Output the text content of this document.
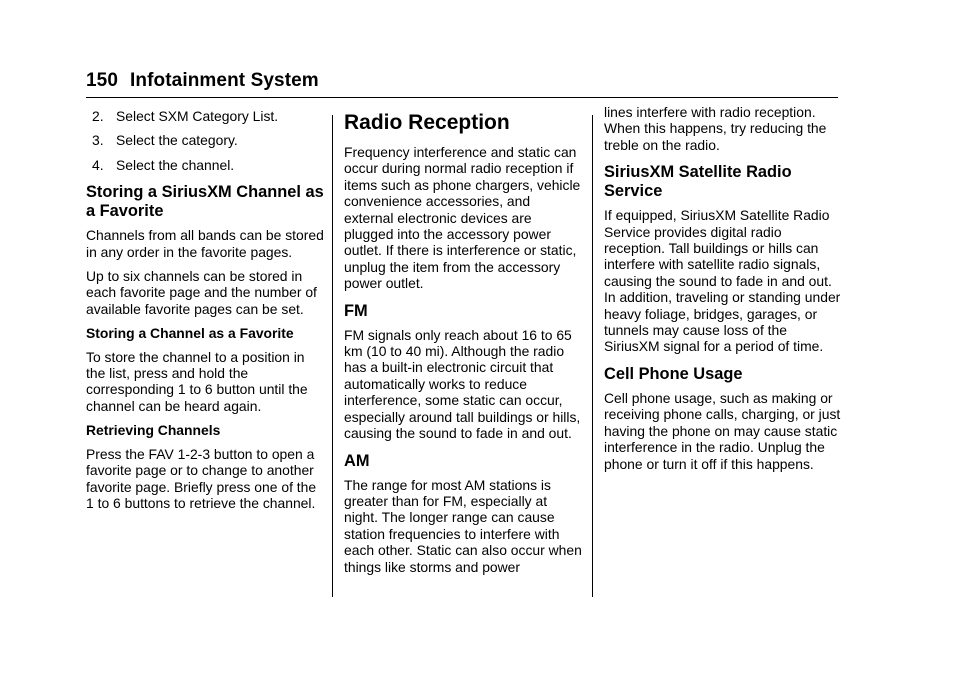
150 Infotainment System
2. Select SXM Category List.
3. Select the category.
4. Select the channel.
Storing a SiriusXM Channel as a Favorite

Channels from all bands can be stored in any order in the favorite pages.

Up to six channels can be stored in each favorite page and the number of available favorite pages can be set.

Storing a Channel as a Favorite

To store the channel to a position in the list, press and hold the corresponding 1 to 6 button until the channel can be heard again.

Retrieving Channels

Press the FAV 1-2-3 button to open a favorite page or to change to another favorite page. Briefly press one of the 1 to 6 buttons to retrieve the channel.

Radio Reception

Frequency interference and static can occur during normal radio reception if items such as phone chargers, vehicle convenience accessories, and external electronic devices are plugged into the accessory power outlet. If there is interference or static, unplug the item from the accessory power outlet.

FM

FM signals only reach about 16 to 65 km (10 to 40 mi). Although the radio has a built-in electronic circuit that automatically works to reduce interference, some static can occur, especially around tall buildings or hills, causing the sound to fade in and out.

AM

The range for most AM stations is greater than for FM, especially at night. The longer range can cause station frequencies to interfere with each other. Static can also occur when things like storms and power

lines interfere with radio reception. When this happens, try reducing the treble on the radio.

SiriusXM Satellite Radio Service

If equipped, SiriusXM Satellite Radio Service provides digital radio reception. Tall buildings or hills can interfere with satellite radio signals, causing the sound to fade in and out. In addition, traveling or standing under heavy foliage, bridges, garages, or tunnels may cause loss of the SiriusXM signal for a period of time.

Cell Phone Usage

Cell phone usage, such as making or receiving phone calls, charging, or just having the phone on may cause static interference in the radio. Unplug the phone or turn it off if this happens.
